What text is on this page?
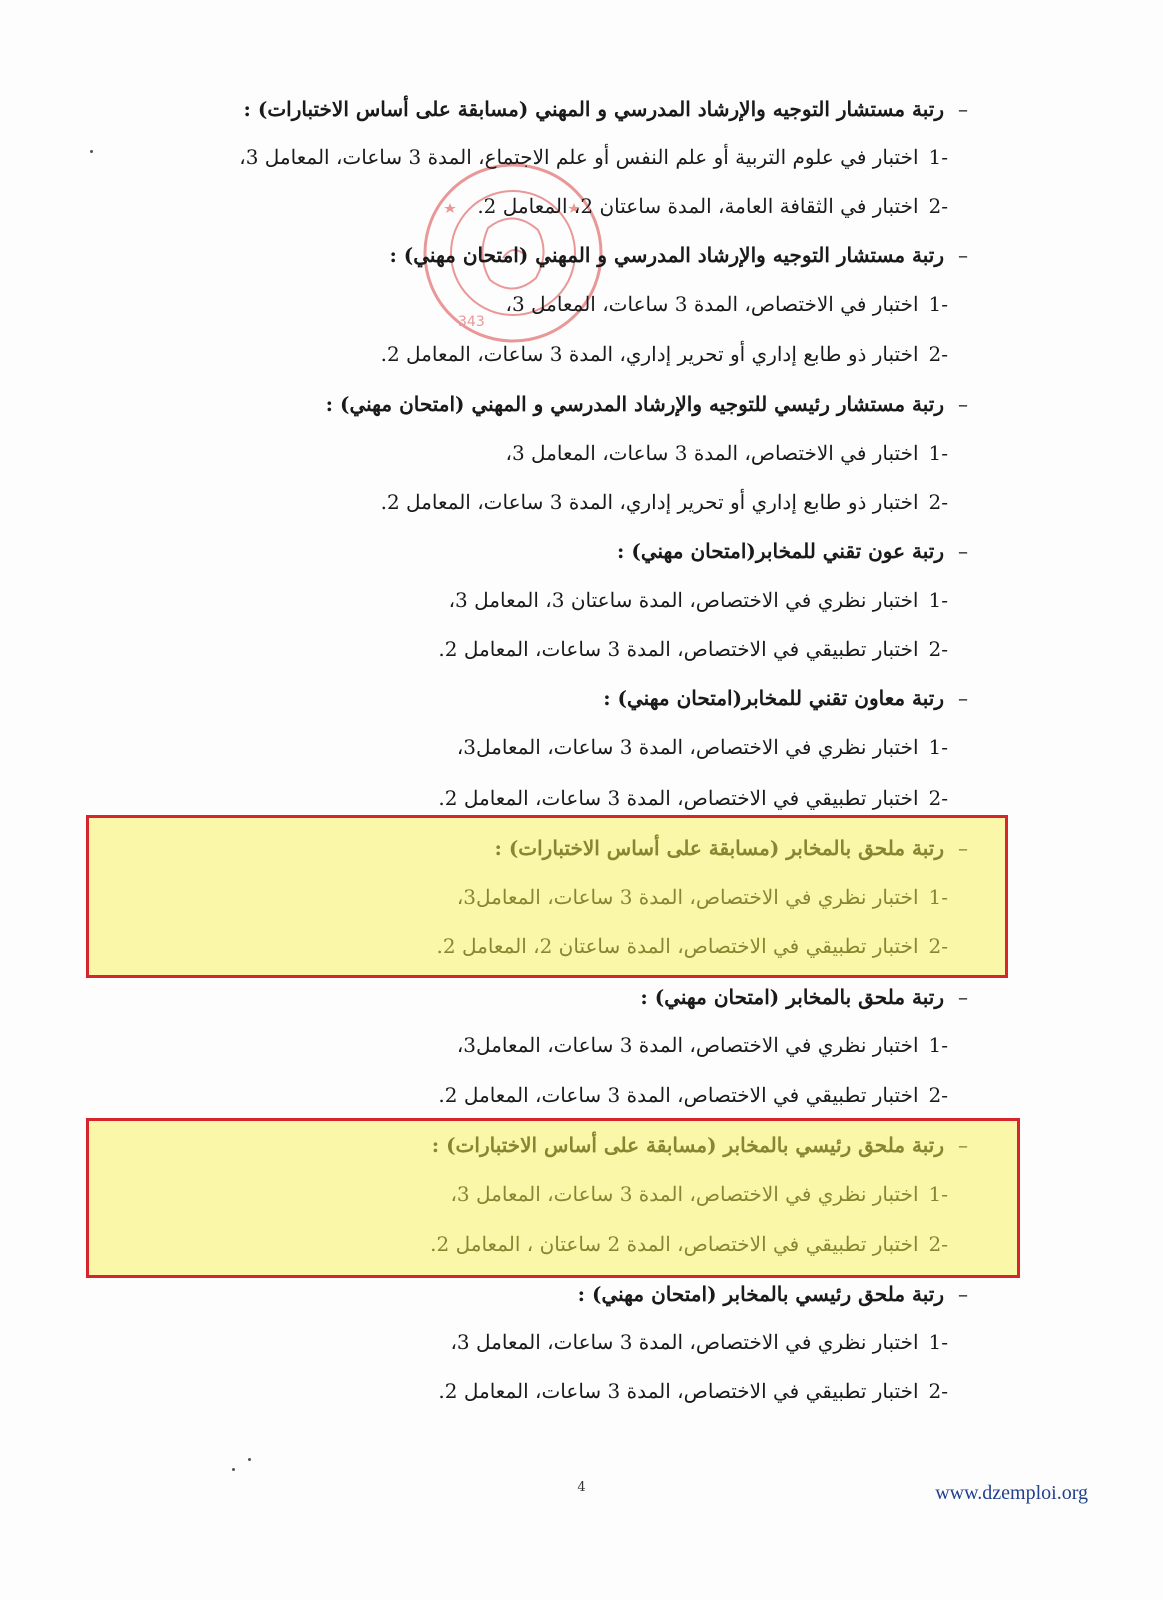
343
–رتبة مستشار التوجيه والإرشاد المدرسي و المهني (مسابقة على أساس الاختبارات) :
-1اختبار في علوم التربية أو علم النفس أو علم الاجتماع، المدة 3 ساعات، المعامل 3،
-2اختبار في الثقافة العامة، المدة ساعتان 2، المعامل 2.
–رتبة مستشار التوجيه والإرشاد المدرسي و المهني (امتحان مهني) :
-1اختبار في الاختصاص، المدة 3 ساعات، المعامل 3،
-2اختبار ذو طابع إداري أو تحرير إداري، المدة 3 ساعات، المعامل 2.
–رتبة مستشار رئيسي للتوجيه والإرشاد المدرسي و المهني (امتحان مهني) :
-1اختبار في الاختصاص، المدة 3 ساعات، المعامل 3،
-2اختبار ذو طابع إداري أو تحرير إداري، المدة 3 ساعات، المعامل 2.
–رتبة عون تقني للمخابر(امتحان مهني) :
-1اختبار نظري في الاختصاص، المدة ساعتان 3، المعامل 3،
-2اختبار تطبيقي في الاختصاص، المدة 3 ساعات، المعامل 2.
–رتبة معاون تقني للمخابر(امتحان مهني) :
-1اختبار نظري في الاختصاص، المدة 3 ساعات، المعامل3،
-2اختبار تطبيقي في الاختصاص، المدة 3 ساعات، المعامل 2.
–رتبة ملحق بالمخابر (مسابقة على أساس الاختبارات) :
-1اختبار نظري في الاختصاص، المدة 3 ساعات، المعامل3،
-2اختبار تطبيقي في الاختصاص، المدة ساعتان 2، المعامل 2.
–رتبة ملحق بالمخابر (امتحان مهني) :
-1اختبار نظري في الاختصاص، المدة 3 ساعات، المعامل3،
-2اختبار تطبيقي في الاختصاص، المدة 3 ساعات، المعامل 2.
–رتبة ملحق رئيسي بالمخابر (مسابقة على أساس الاختبارات) :
-1اختبار نظري في الاختصاص، المدة 3 ساعات، المعامل 3،
-2اختبار تطبيقي في الاختصاص، المدة 2 ساعتان ، المعامل 2.
–رتبة ملحق رئيسي بالمخابر (امتحان مهني) :
-1اختبار نظري في الاختصاص، المدة 3 ساعات، المعامل 3،
-2اختبار تطبيقي في الاختصاص، المدة 3 ساعات، المعامل 2.
4	www.dzemploi.org
